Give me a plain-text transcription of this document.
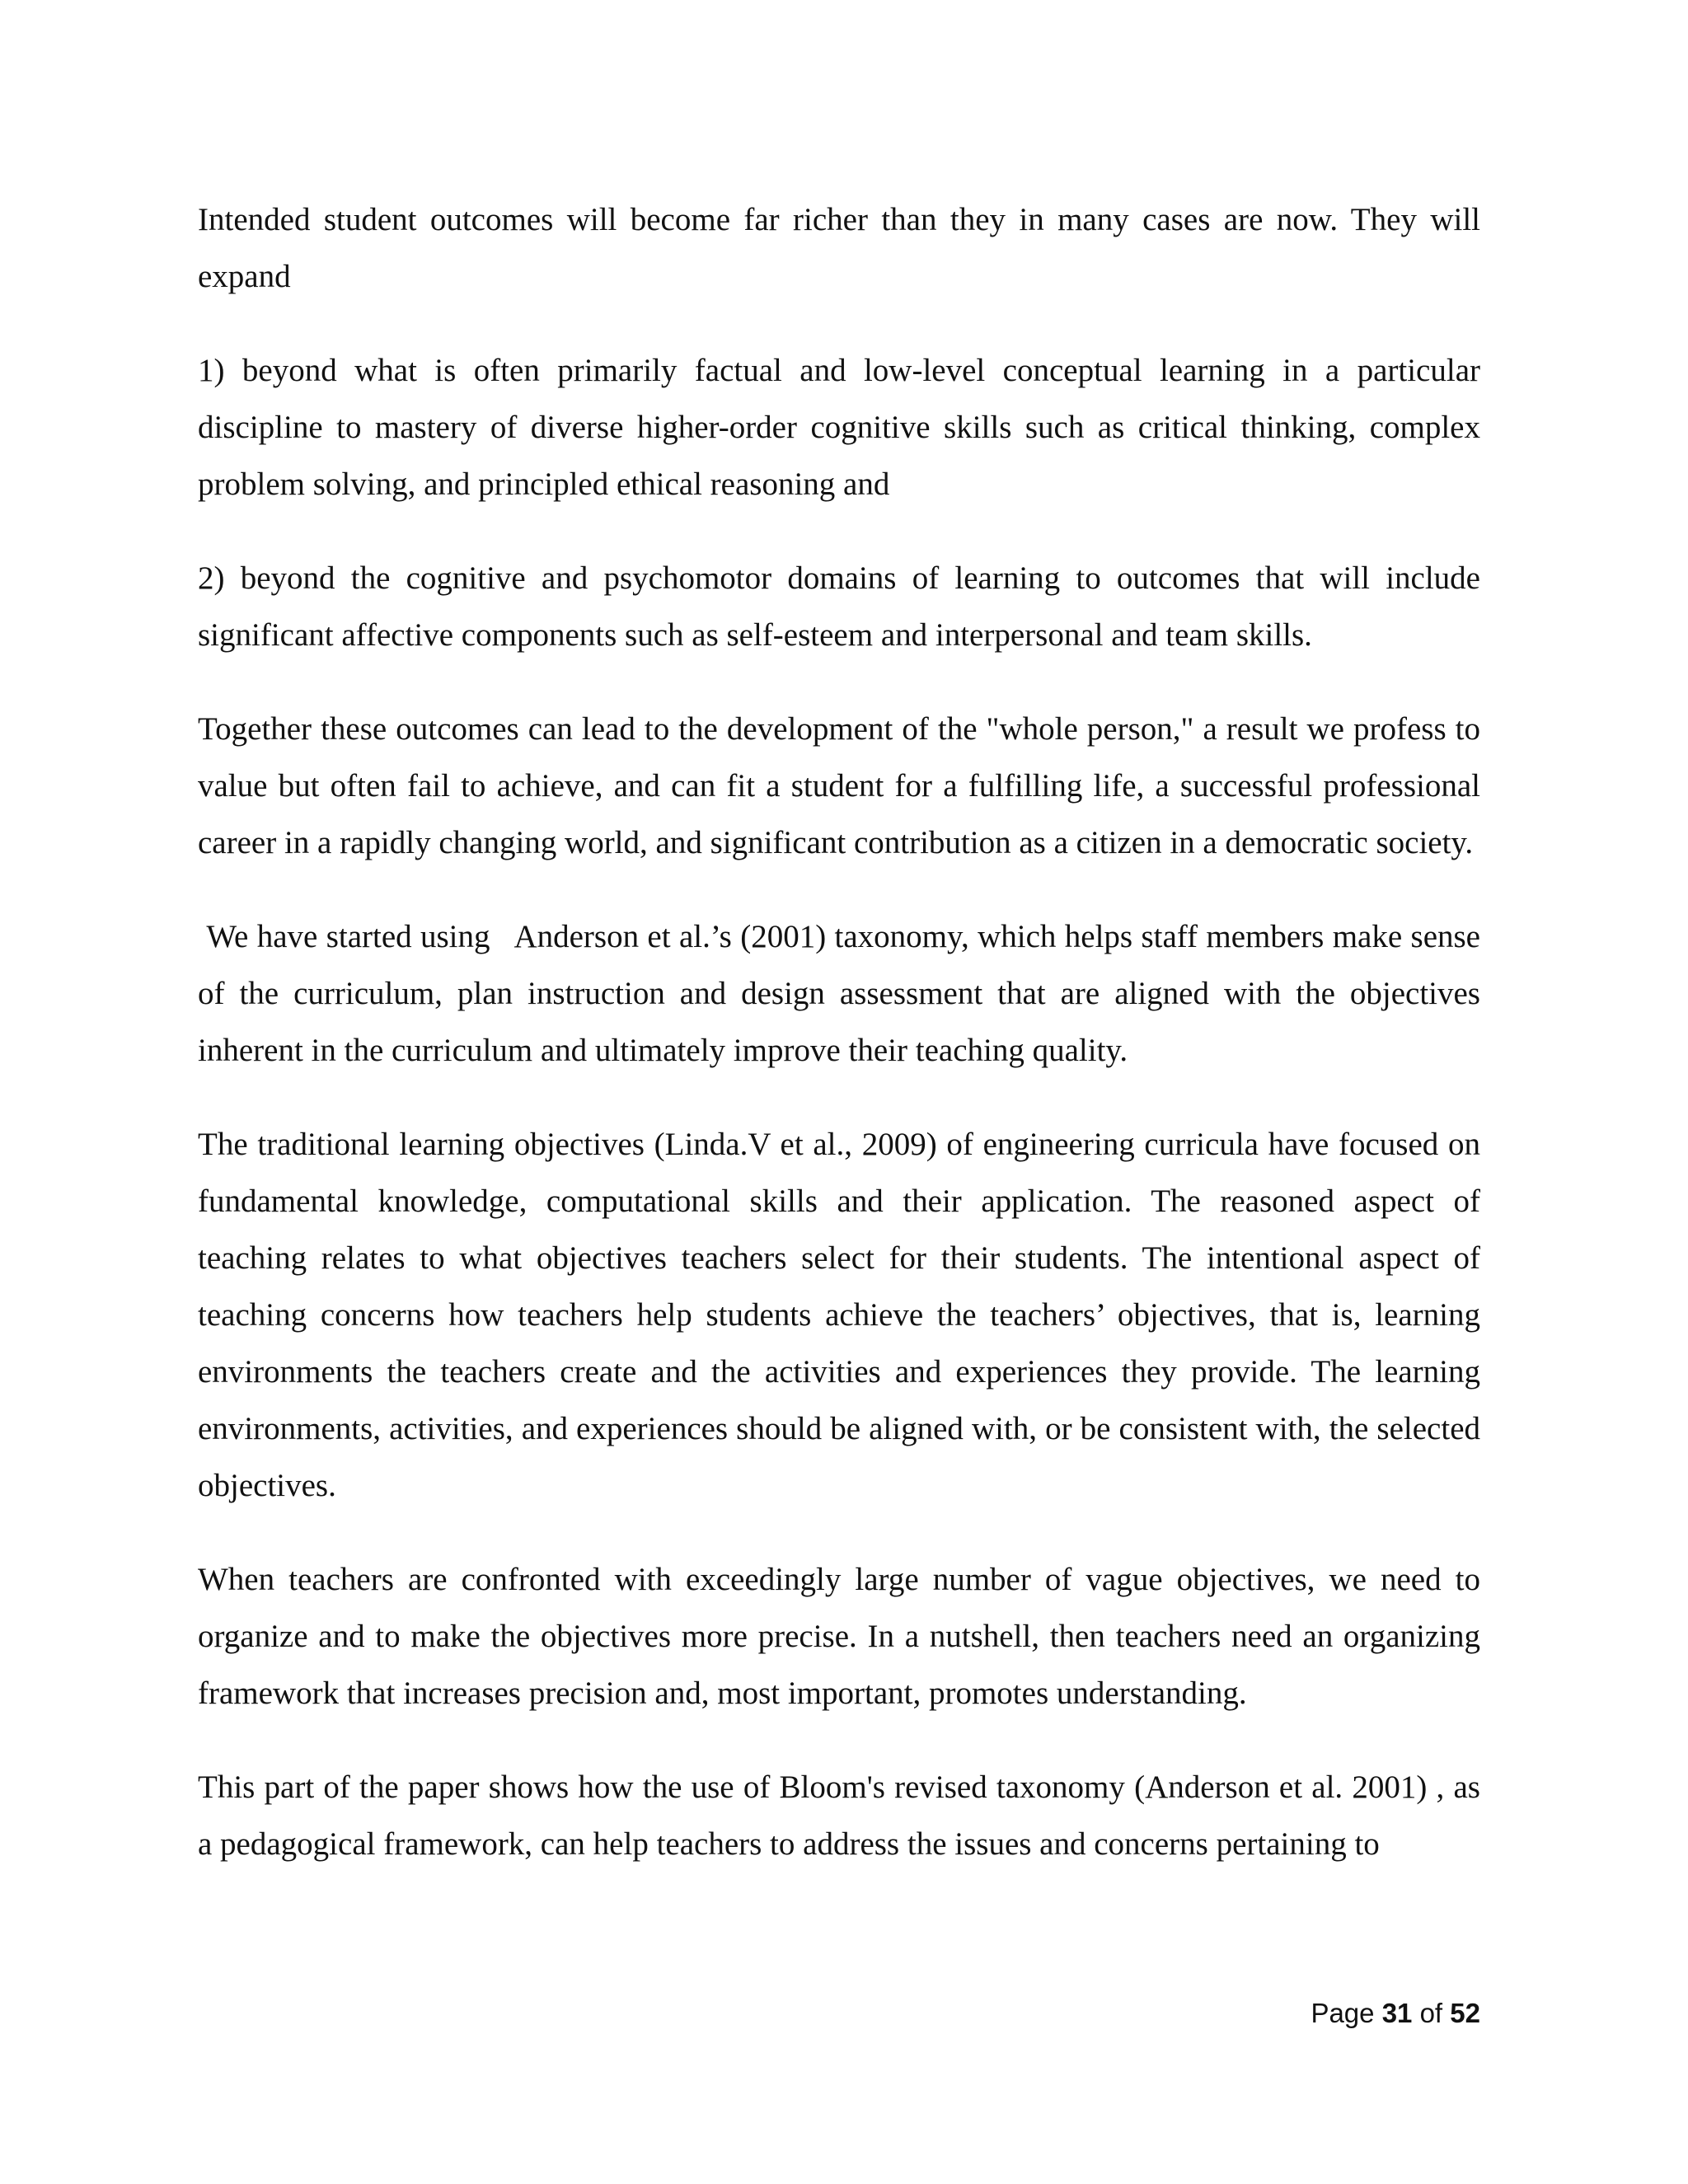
Intended student outcomes will become far richer than they in many cases are now. They will expand

1) beyond what is often primarily factual and low-level conceptual learning in a particular discipline to mastery of diverse higher-order cognitive skills such as critical thinking, complex problem solving, and principled ethical reasoning and

2) beyond the cognitive and psychomotor domains of learning to outcomes that will include significant affective components such as self-esteem and interpersonal and team skills.

Together these outcomes can lead to the development of the "whole person," a result we profess to value but often fail to achieve, and can fit a student for a fulfilling life, a successful professional career in a rapidly changing world, and significant contribution as a citizen in a democratic society.

We have started using   Anderson et al.’s (2001) taxonomy, which helps staff members make sense of the curriculum, plan instruction and design assessment that are aligned with the objectives inherent in the curriculum and ultimately improve their teaching quality.

The traditional learning objectives (Linda.V et al., 2009) of engineering curricula have focused on fundamental knowledge, computational skills and their application. The reasoned aspect of teaching relates to what objectives teachers select for their students. The intentional aspect of teaching concerns how teachers help students achieve the teachers’ objectives, that is, learning environments the teachers create and the activities and experiences they provide. The learning environments, activities, and experiences should be aligned with, or be consistent with, the selected objectives.

When teachers are confronted with exceedingly large number of vague objectives, we need to organize and to make the objectives more precise. In a nutshell, then teachers need an organizing framework that increases precision and, most important, promotes understanding.

This part of the paper shows how the use of Bloom's revised taxonomy (Anderson et al. 2001) , as a pedagogical framework, can help teachers to address the issues and concerns pertaining to

Page 31 of 52
